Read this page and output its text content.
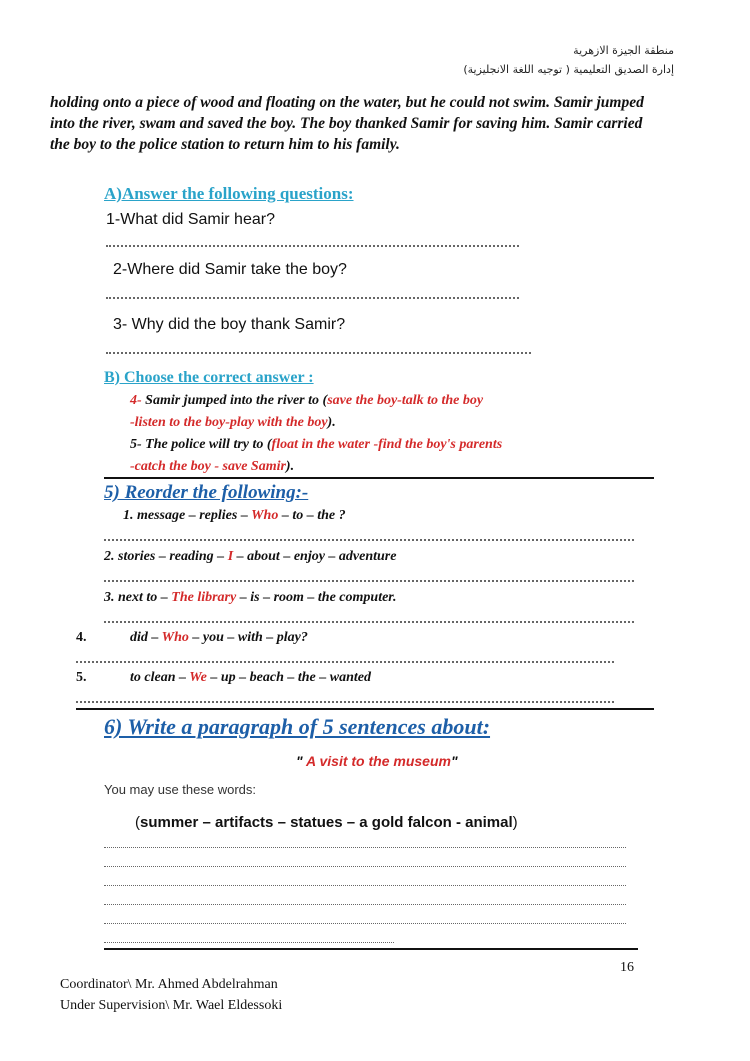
منطقة الجيزة الازهرية
إدارة الصديق التعليمية ( توجيه اللغة الانجليزية)
holding onto a piece of wood and floating on the water, but he could not swim. Samir jumped into the river, swam and saved the boy. The boy thanked Samir for saving him. Samir carried the boy to the police station to return him to his family.
A)Answer the following questions:
1-What did Samir hear?
2-Where did Samir take the boy?
3- Why did the boy thank Samir?
B) Choose the correct answer :
4- Samir jumped into the river to (save the boy-talk to the boy
-listen to the boy-play with the boy).
5- The police will try to (float in the water -find the boy's parents
-catch the boy - save Samir).
5) Reorder the following:-
1. message – replies – Who – to – the ?
2. stories – reading – I – about – enjoy – adventure
3. next to – The library – is – room – the computer.
4.	did – Who – you – with – play?
5.	to clean – We – up – beach – the – wanted
6) Write a paragraph of 5 sentences about:
" A visit to the museum"
You may use these words:
(summer – artifacts – statues – a gold falcon - animal)
16
Coordinator\ Mr. Ahmed Abdelrahman
Under Supervision\ Mr. Wael Eldessoki
